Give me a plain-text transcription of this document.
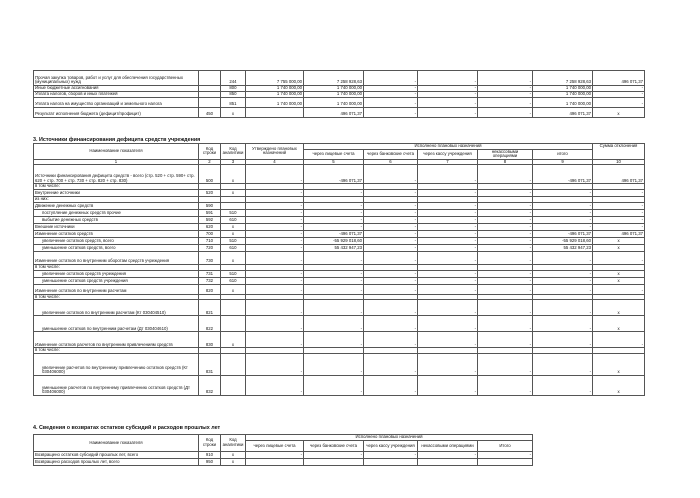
Прочая закупка товаров, работ и услуг для обеспечения государственных (муниципальных) нужд		244	7 755 000,00	7 258 928,63	-	-	-	7 258 928,63	496 071,37
Иные бюджетные ассигнования		800	1 740 000,00	1 740 000,00	-	-	-	1 740 000,00	-
Уплата налогов, сборов и иных платежей		850	1 740 000,00	1 740 000,00	-	-	-	1 740 000,00	-
Уплата налога на имущество организаций и земельного налога		851	1 740 000,00	1 740 000,00	-	-	-	1 740 000,00	-
Результат исполнения бюджета (дефицит/профицит)	450	x		496 071,37	-	-	-	496 071,37	x
3. Источники финансирования дефицита средств учреждения
Наименование показателя	Код строки	Код аналитики	Утверждено плановых назначений	Исполнено плановых назначений					Сумма отклонения
				через лицевые счета	через банковские счета	через кассу учреждения	некассовыми операциями	итого	
1	2	3	4	5	6	7	8	9	10
Источники финансирования дефицита средств - всего (стр. 520 + стр. 590+ стр. 620 + стр. 700 + стр. 730 + стр. 820 + стр. 830)	500	x	-	-496 071,37	-	-	-	-496 071,37	496 071,37
в том числе:									
Внутренние источники	520	x	-	-	-	-	-	-	-
из них:									
Движение денежных средств	590		-	-	-	-	-	-	-
поступление денежных средств прочие	591	510	-	-	-	-	-	-	-
выбытие денежных средств	592	610	-	-	-	-	-	-	-
Внешние источники	620	x	-	-	-	-	-	-	-
Изменение остатков средств	700	x	-	-496 071,37	-	-	-	-496 071,37	496 071,37
увеличение остатков средств, всего	710	510	-	-55 929 018,60	-	-	-	-55 929 018,60	x
уменьшение остатков средств, всего	720	610	-	55 432 947,23	-	-	-	55 432 947,23	x
Изменение остатков по внутренним оборотам средств учреждения	730	x	-	-	-	-	-	-	-
в том числе:									
увеличение остатков средств учреждения	731	510	-	-	-	-	-	-	x
уменьшение остатков средств учреждения	732	610	-	-	-	-	-	-	x
Изменение остатков по внутренним расчетам	820	x	-	-	-	-	-	-	-
в том числе:									
увеличение остатков по внутренним расчетам (Кт 030404510)	821		-	-	-	-	-	-	x
уменьшение остатков по внутренним расчетам (Дт 030404610)	822		-	-	-	-	-	-	x
Изменение остатков расчетов по внутренним привлечениям средств	830	x	-	-	-	-	-	-	-
в том числе:									
увеличение расчетов по внутреннему привлечению остатков средств (Кт 030406000)	831		-	-	-	-	-	-	x
уменьшение расчетов по внутреннему привлечению остатков средств (Дт 030406000)	832		-	-	-	-	-	-	x
4. Сведения о возвратах остатков субсидий и расходов прошлых лет
Наименование показателя	Код строки	Код аналитики	Исполнено плановых назначений				
			через лицевые счета	через банковские счета	через кассу учреждения	некассовыми операциями	Итого
Возвращено остатков субсидий прошлых лет, всего	910	x	-	-	-	-	-
Возвращено расходов прошлых лет, всего	950	x					
